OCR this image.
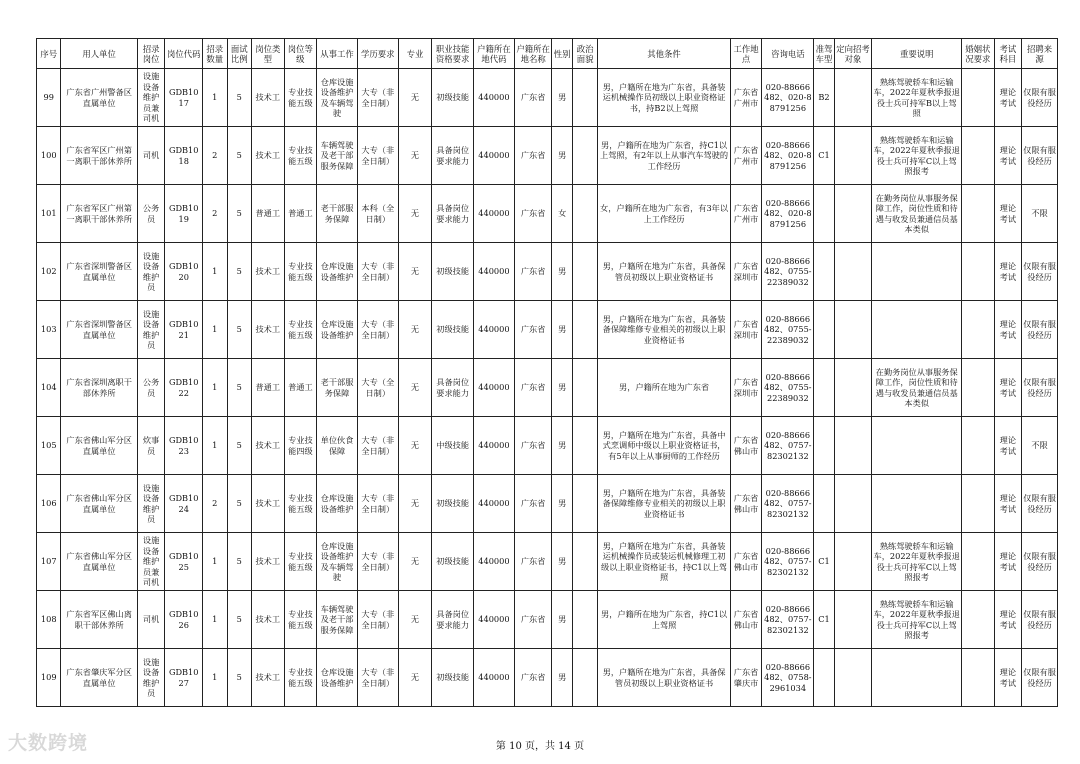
序号	用人单位	招录岗位	岗位代码	招录数量	面试比例	岗位类型	岗位等级	从事工作	学历要求	专业	职业技能资格要求	户籍所在地代码	户籍所在地名称	性别	政治面貌	其他条件	工作地点	咨询电话	准驾车型	定向招考对象	重要说明	婚姻状况要求	考试科目	招聘来源
99	广东省广州警备区直属单位	设施设备维护员兼司机	GDB1017	1	5	技术工	专业技能五级	仓库设施设备维护及车辆驾驶	大专（非全日制）	无	初级技能	440000	广东省	男		男，户籍所在地为广东省，具备装运机械操作员初级以上职业资格证书，持B2以上驾照	广东省广州市	020-88666482、020-88791256	B2		熟练驾驶轿车和运输车，2022年夏秋季报退役士兵可持军B以上驾照		理论考试	仅限有服役经历
100	广东省军区广州第一离职干部休养所	司机	GDB1018	2	5	技术工	专业技能五级	车辆驾驶及老干部服务保障	大专（非全日制）	无	具备岗位要求能力	440000	广东省	男		男，户籍所在地为广东省，持C1以上驾照，有2年以上从事汽车驾驶的工作经历	广东省广州市	020-88666482、020-88791256	C1		熟练驾驶轿车和运输车，2022年夏秋季报退役士兵可持军C以上驾照报考		理论考试	仅限有服役经历
101	广东省军区广州第一离职干部休养所	公务员	GDB1019	2	5	普通工	普通工	老干部服务保障	本科（全日制）	无	具备岗位要求能力	440000	广东省	女		女，户籍所在地为广东省，有3年以上工作经历	广东省广州市	020-88666482、020-88791256			在勤务岗位从事服务保障工作，岗位性质和待遇与收发员兼通信员基本类似		理论考试	不限
102	广东省深圳警备区直属单位	设施设备维护员	GDB1020	1	5	技术工	专业技能五级	仓库设施设备维护	大专（非全日制）	无	初级技能	440000	广东省	男		男，户籍所在地为广东省，具备保管员初级以上职业资格证书	广东省深圳市	020-88666482、0755-22389032					理论考试	仅限有服役经历
103	广东省深圳警备区直属单位	设施设备维护员	GDB1021	1	5	技术工	专业技能五级	仓库设施设备维护	大专（非全日制）	无	初级技能	440000	广东省	男		男，户籍所在地为广东省，具备装备保障维修专业相关的初级以上职业资格证书	广东省深圳市	020-88666482、0755-22389032					理论考试	仅限有服役经历
104	广东省深圳离职干部休养所	公务员	GDB1022	1	5	普通工	普通工	老干部服务保障	大专（全日制）	无	具备岗位要求能力	440000	广东省	男		男，户籍所在地为广东省	广东省深圳市	020-88666482、0755-22389032			在勤务岗位从事服务保障工作，岗位性质和待遇与收发员兼通信员基本类似		理论考试	仅限有服役经历
105	广东省佛山军分区直属单位	炊事员	GDB1023	1	5	技术工	专业技能四级	单位伙食保障	大专（非全日制）	无	中级技能	440000	广东省	男		男，户籍所在地为广东省，具备中式烹调师中级以上职业资格证书，有5年以上从事厨师的工作经历	广东省佛山市	020-88666482、0757-82302132					理论考试	不限
106	广东省佛山军分区直属单位	设施设备维护员	GDB1024	2	5	技术工	专业技能五级	仓库设施设备维护	大专（非全日制）	无	初级技能	440000	广东省	男		男，户籍所在地为广东省，具备装备保障维修专业相关的初级以上职业资格证书	广东省佛山市	020-88666482、0757-82302132					理论考试	仅限有服役经历
107	广东省佛山军分区直属单位	设施设备维护员兼司机	GDB1025	1	5	技术工	专业技能五级	仓库设施设备维护及车辆驾驶	大专（非全日制）	无	初级技能	440000	广东省	男		男，户籍所在地为广东省，具备装运机械操作员或装运机械修理工初级以上职业资格证书，持C1以上驾照	广东省佛山市	020-88666482、0757-82302132	C1		熟练驾驶轿车和运输车，2022年夏秋季报退役士兵可持军C以上驾照报考		理论考试	仅限有服役经历
108	广东省军区佛山离职干部休养所	司机	GDB1026	1	5	技术工	专业技能五级	车辆驾驶及老干部服务保障	大专（非全日制）	无	具备岗位要求能力	440000	广东省	男		男，户籍所在地为广东省，持C1以上驾照	广东省佛山市	020-88666482、0757-82302132	C1		熟练驾驶轿车和运输车，2022年夏秋季报退役士兵可持军C以上驾照报考		理论考试	仅限有服役经历
109	广东省肇庆军分区直属单位	设施设备维护员	GDB1027	1	5	技术工	专业技能五级	仓库设施设备维护	大专（非全日制）	无	初级技能	440000	广东省	男		男，户籍所在地为广东省，具备保管员初级以上职业资格证书	广东省肇庆市	020-88666482、0758-2961034					理论考试	仅限有服役经历
第 10 页，共 14 页
大数跨境
